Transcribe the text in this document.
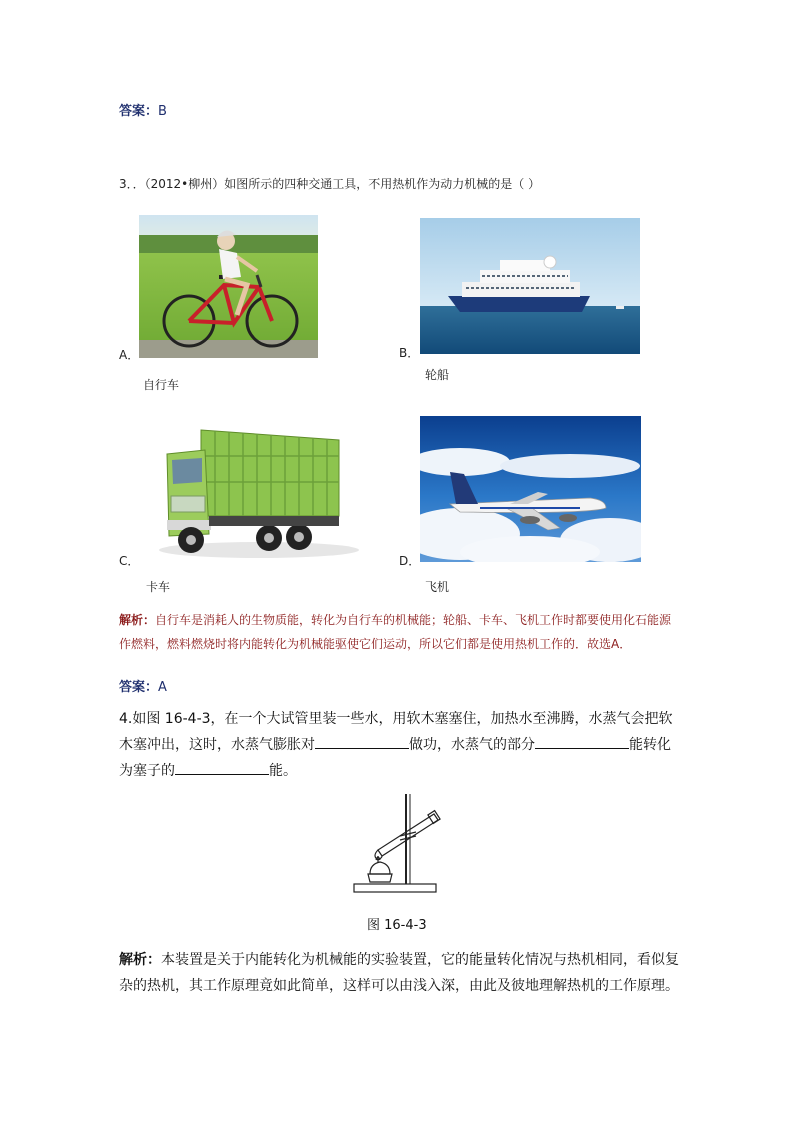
答案：B
3．．（2012•柳州）如图所示的四种交通工具，不用热机作为动力机械的是（ ）
A．
自行车
B．
轮船
C．
卡车
D．
飞机
解析：自行车是消耗人的生物质能，转化为自行车的机械能；轮船、卡车、飞机工作时都要使用化石能源作燃料，燃料燃烧时将内能转化为机械能驱使它们运动，所以它们都是使用热机工作的．故选A．
答案：A
4.如图 16-4-3，在一个大试管里装一些水，用软木塞塞住，加热水至沸腾，水蒸气会把软木塞冲出，这时，水蒸气膨胀对	做功，水蒸气的部分	能转化为塞子的	能。
图 16-4-3
解析：本装置是关于内能转化为机械能的实验装置，它的能量转化情况与热机相同，看似复杂的热机，其工作原理竟如此简单，这样可以由浅入深，由此及彼地理解热机的工作原理。
